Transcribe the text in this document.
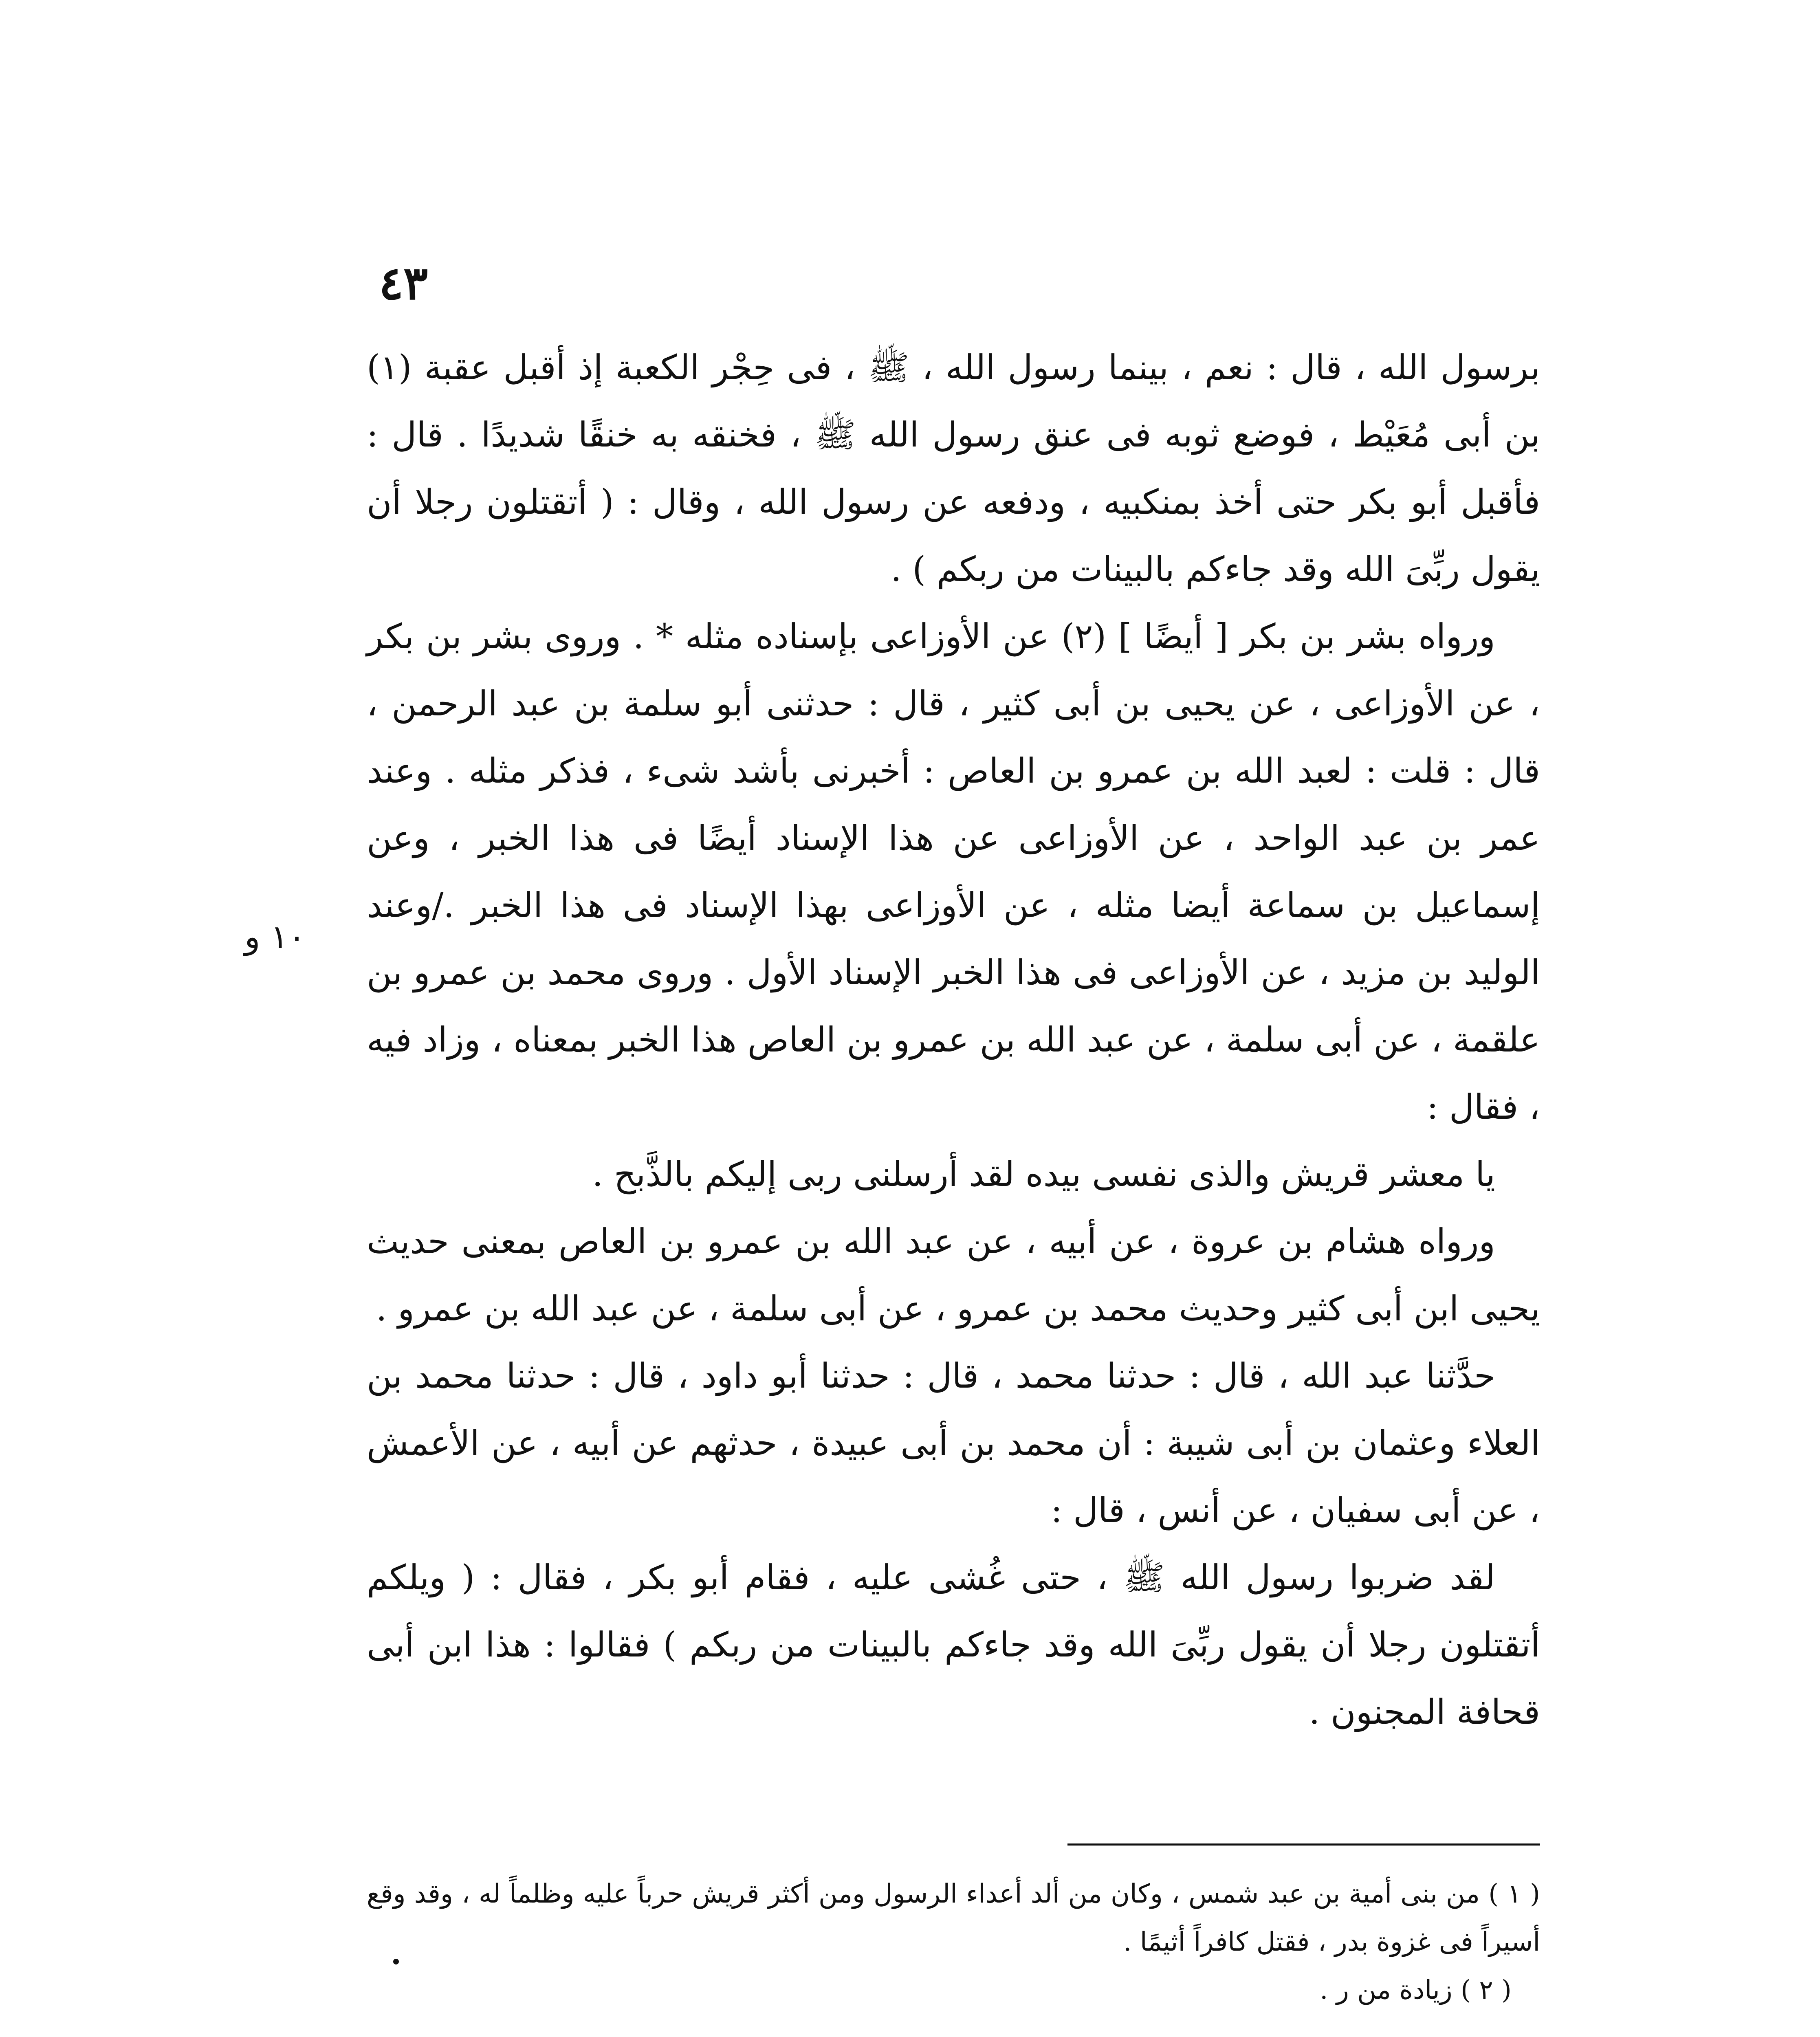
٤٣
١٠ و

برسول الله ، قال : نعم ، بينما رسول الله ، ﷺ ، فى حِجْر الكعبة إذ أقبل عقبة (١) بن أبى مُعَيْط ، فوضع ثوبه فى عنق رسول الله ﷺ ، فخنقه به خنقًا شديدًا . قال : فأقبل أبو بكر حتى أخذ بمنكبيه ، ودفعه عن رسول الله ، وقال : ( أتقتلون رجلا أن يقول ربِّىَ الله وقد جاءكم بالبينات من ربكم ) .

ورواه بشر بن بكر [ أيضًا ] (٢) عن الأوزاعى بإسناده مثله * . وروى بشر بن بكر ، عن الأوزاعى ، عن يحيى بن أبى كثير ، قال : حدثنى أبو سلمة بن عبد الرحمن ، قال : قلت : لعبد الله بن عمرو بن العاص : أخبرنى بأشد شىء ، فذكر مثله . وعند عمر بن عبد الواحد ، عن الأوزاعى عن هذا الإسناد أيضًا فى هذا الخبر ، وعن إسماعيل بن سماعة أيضا مثله ، عن الأوزاعى بهذا الإسناد فى هذا الخبر ./وعند الوليد بن مزيد ، عن الأوزاعى فى هذا الخبر الإسناد الأول . وروى محمد بن عمرو بن علقمة ، عن أبى سلمة ، عن عبد الله بن عمرو بن العاص هذا الخبر بمعناه ، وزاد فيه ، فقال :

يا معشر قريش والذى نفسى بيده لقد أرسلنى ربى إليكم بالذَّبح .

ورواه هشام بن عروة ، عن أبيه ، عن عبد الله بن عمرو بن العاص بمعنى حديث يحيى ابن أبى كثير وحديث محمد بن عمرو ، عن أبى سلمة ، عن عبد الله بن عمرو .

حدَّثنا عبد الله ، قال : حدثنا محمد ، قال : حدثنا أبو داود ، قال : حدثنا محمد بن العلاء وعثمان بن أبى شيبة : أن محمد بن أبى عبيدة ، حدثهم عن أبيه ، عن الأعمش ، عن أبى سفيان ، عن أنس ، قال :

لقد ضربوا رسول الله ﷺ ، حتى غُشى عليه ، فقام أبو بكر ، فقال : ( ويلكم أتقتلون رجلا أن يقول ربِّىَ الله وقد جاءكم بالبينات من ربكم ) فقالوا : هذا ابن أبى قحافة المجنون .

( ١ ) من بنى أمية بن عبد شمس ، وكان من ألد أعداء الرسول ومن أكثر قريش حرباً عليه وظلماً له ، وقد وقع أسيراً فى غزوة بدر ، فقتل كافراً أثيمًا .

( ٢ ) زيادة من ر .
